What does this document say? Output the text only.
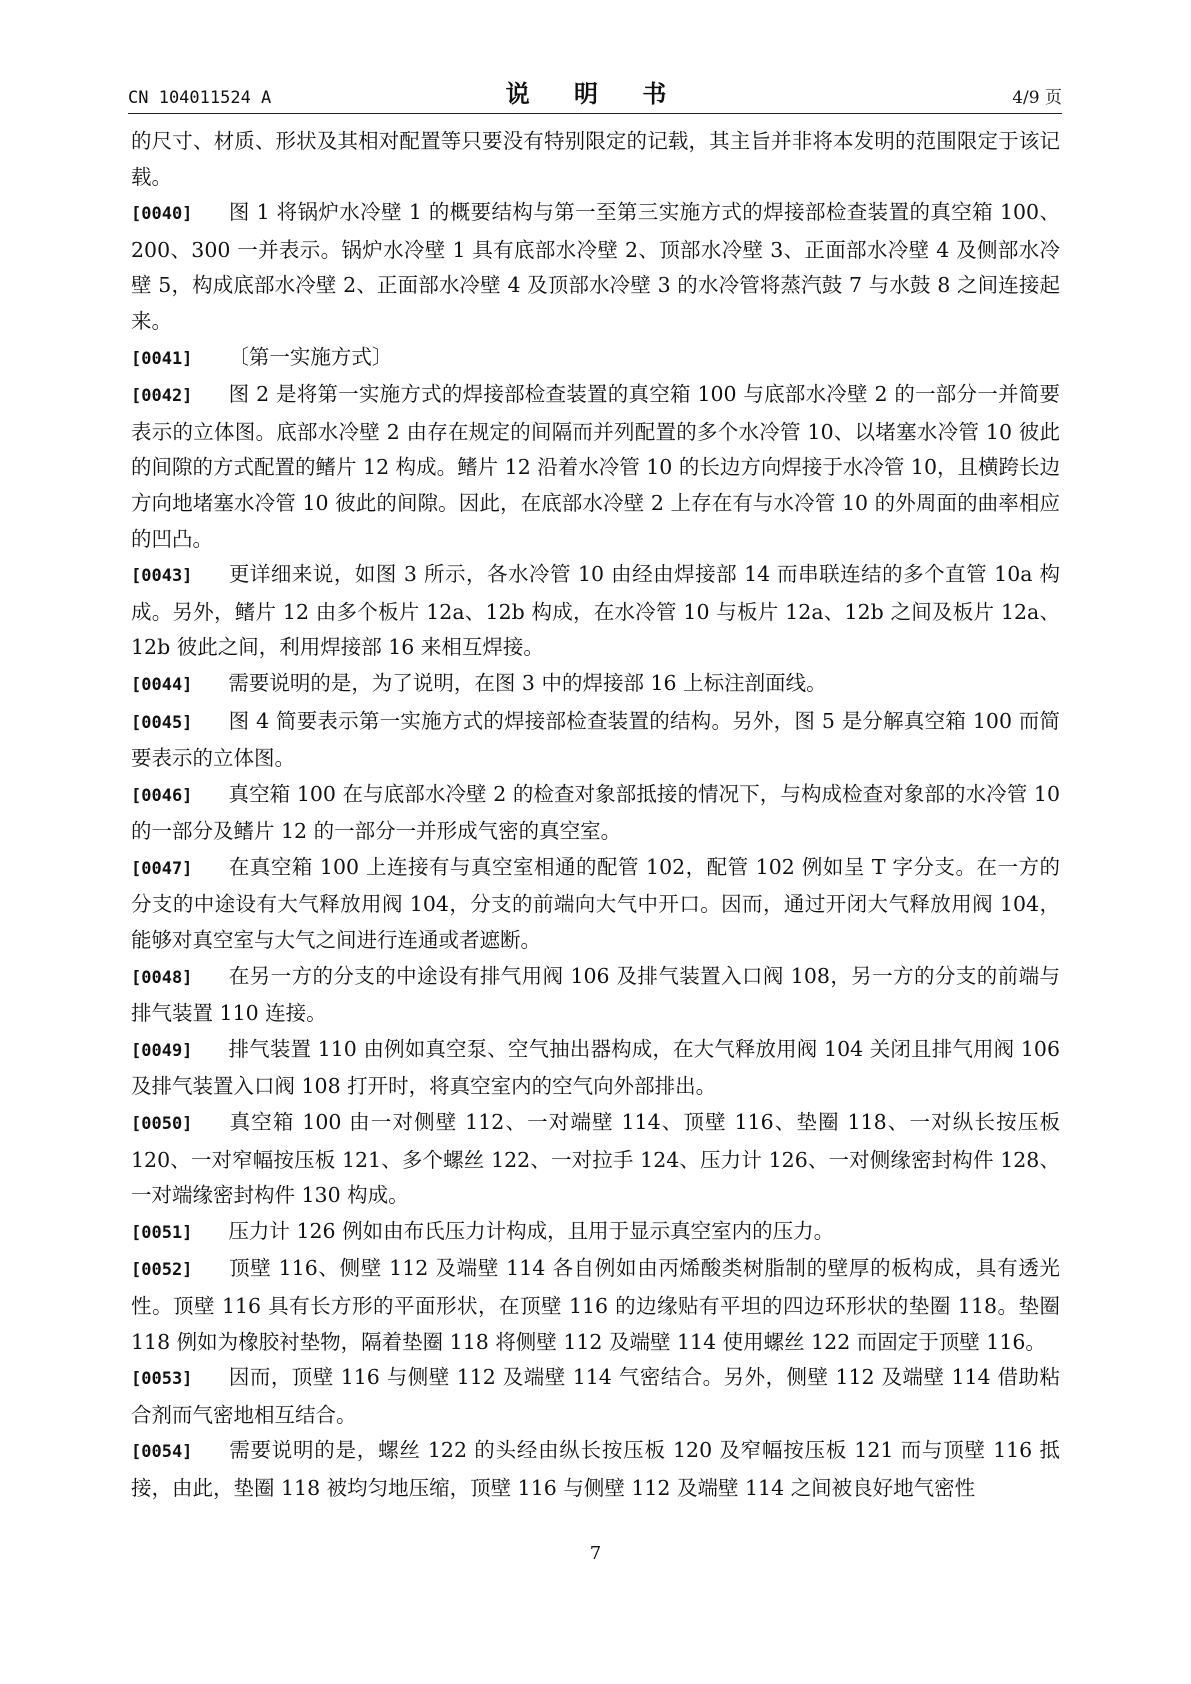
CN 104011524 A	说 明 书	4/9 页

的尺寸、材质、形状及其相对配置等只要没有特别限定的记载，其主旨并非将本发明的范围限定于该记载。

[0040] 图 1 将锅炉水冷壁 1 的概要结构与第一至第三实施方式的焊接部检查装置的真空箱 100、200、300 一并表示。锅炉水冷壁 1 具有底部水冷壁 2、顶部水冷壁 3、正面部水冷壁 4 及侧部水冷壁 5，构成底部水冷壁 2、正面部水冷壁 4 及顶部水冷壁 3 的水冷管将蒸汽鼓 7 与水鼓 8 之间连接起来。

[0041] 〔第一实施方式〕

[0042] 图 2 是将第一实施方式的焊接部检查装置的真空箱 100 与底部水冷壁 2 的一部分一并简要表示的立体图。底部水冷壁 2 由存在规定的间隔而并列配置的多个水冷管 10、以堵塞水冷管 10 彼此的间隙的方式配置的鳍片 12 构成。鳍片 12 沿着水冷管 10 的长边方向焊接于水冷管 10，且横跨长边方向地堵塞水冷管 10 彼此的间隙。因此，在底部水冷壁 2 上存在有与水冷管 10 的外周面的曲率相应的凹凸。

[0043] 更详细来说，如图 3 所示，各水冷管 10 由经由焊接部 14 而串联连结的多个直管 10a 构成。另外，鳍片 12 由多个板片 12a、12b 构成，在水冷管 10 与板片 12a、12b 之间及板片 12a、12b 彼此之间，利用焊接部 16 来相互焊接。

[0044] 需要说明的是，为了说明，在图 3 中的焊接部 16 上标注剖面线。

[0045] 图 4 简要表示第一实施方式的焊接部检查装置的结构。另外，图 5 是分解真空箱 100 而简要表示的立体图。

[0046] 真空箱 100 在与底部水冷壁 2 的检查对象部抵接的情况下，与构成检查对象部的水冷管 10 的一部分及鳍片 12 的一部分一并形成气密的真空室。

[0047] 在真空箱 100 上连接有与真空室相通的配管 102，配管 102 例如呈 T 字分支。在一方的分支的中途设有大气释放用阀 104，分支的前端向大气中开口。因而，通过开闭大气释放用阀 104，能够对真空室与大气之间进行连通或者遮断。

[0048] 在另一方的分支的中途设有排气用阀 106 及排气装置入口阀 108，另一方的分支的前端与排气装置 110 连接。

[0049] 排气装置 110 由例如真空泵、空气抽出器构成，在大气释放用阀 104 关闭且排气用阀 106 及排气装置入口阀 108 打开时，将真空室内的空气向外部排出。

[0050] 真空箱 100 由一对侧壁 112、一对端壁 114、顶壁 116、垫圈 118、一对纵长按压板 120、一对窄幅按压板 121、多个螺丝 122、一对拉手 124、压力计 126、一对侧缘密封构件 128、一对端缘密封构件 130 构成。

[0051] 压力计 126 例如由布氏压力计构成，且用于显示真空室内的压力。

[0052] 顶壁 116、侧壁 112 及端壁 114 各自例如由丙烯酸类树脂制的壁厚的板构成，具有透光性。顶壁 116 具有长方形的平面形状，在顶壁 116 的边缘贴有平坦的四边环形状的垫圈 118。垫圈 118 例如为橡胶衬垫物，隔着垫圈 118 将侧壁 112 及端壁 114 使用螺丝 122 而固定于顶壁 116。

[0053] 因而，顶壁 116 与侧壁 112 及端壁 114 气密结合。另外，侧壁 112 及端壁 114 借助粘合剂而气密地相互结合。

[0054] 需要说明的是，螺丝 122 的头经由纵长按压板 120 及窄幅按压板 121 而与顶壁 116 抵接，由此，垫圈 118 被均匀地压缩，顶壁 116 与侧壁 112 及端壁 114 之间被良好地气密性

7
